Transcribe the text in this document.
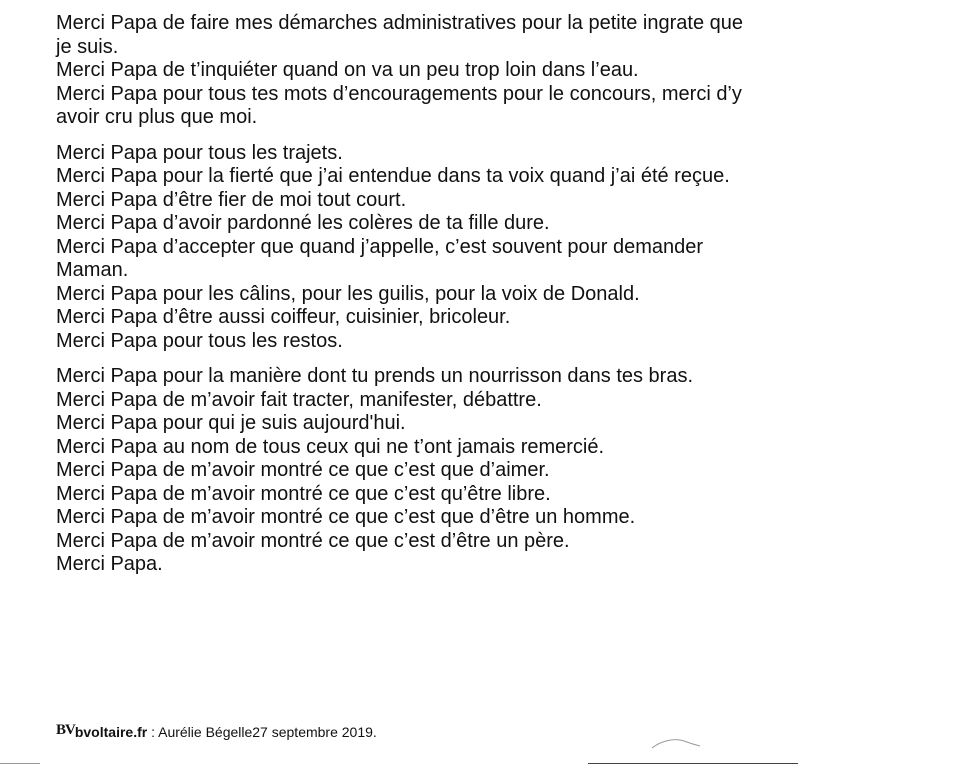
Merci Papa de faire mes démarches administratives pour la petite ingrate que
je suis.
Merci Papa de t’inquiéter quand on va un peu trop loin dans l’eau.
Merci Papa pour tous tes mots d’encouragements pour le concours, merci d’y
avoir cru plus que moi.

Merci Papa pour tous les trajets.
Merci Papa pour la fierté que j’ai entendue dans ta voix quand j’ai été reçue.
Merci Papa d’être fier de moi tout court.
Merci Papa d’avoir pardonné les colères de ta fille dure.
Merci Papa d’accepter que quand j’appelle, c’est souvent pour demander
Maman.
Merci Papa pour les câlins, pour les guilis, pour la voix de Donald.
Merci Papa d’être aussi coiffeur, cuisinier, bricoleur.
Merci Papa pour tous les restos.

Merci Papa pour la manière dont tu prends un nourrisson dans tes bras.
Merci Papa de m’avoir fait tracter, manifester, débattre.
Merci Papa pour qui je suis aujourd'hui.
Merci Papa au nom de tous ceux qui ne t’ont jamais remercié.
Merci Papa de m’avoir montré ce que c’est que d’aimer.
Merci Papa de m’avoir montré ce que c’est qu’être libre.
Merci Papa de m’avoir montré ce que c’est que d’être un homme.
Merci Papa de m’avoir montré ce que c’est d’être un père.
Merci Papa.

BVbvoltaire.fr : Aurélie Bégelle27 septembre 2019.
